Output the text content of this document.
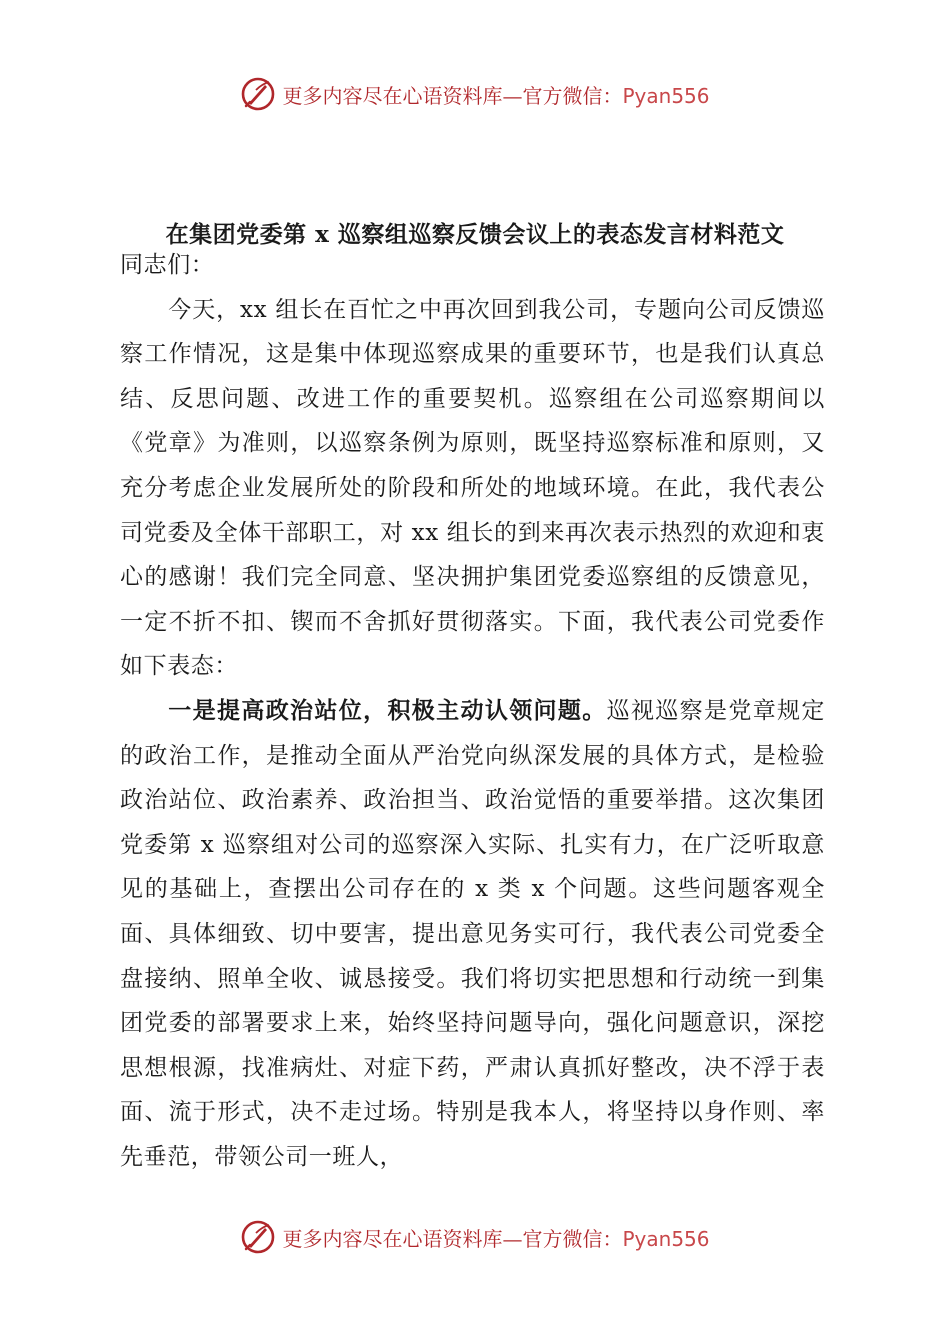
更多内容尽在心语资料库—官方微信：Pyan556
在集团党委第 x 巡察组巡察反馈会议上的表态发言材料范文

同志们：

今天，xx 组长在百忙之中再次回到我公司，专题向公司反馈巡察工作情况，这是集中体现巡察成果的重要环节，也是我们认真总结、反思问题、改进工作的重要契机。巡察组在公司巡察期间以《党章》为准则，以巡察条例为原则，既坚持巡察标准和原则，又充分考虑企业发展所处的阶段和所处的地域环境。在此，我代表公司党委及全体干部职工，对 xx 组长的到来再次表示热烈的欢迎和衷心的感谢！我们完全同意、坚决拥护集团党委巡察组的反馈意见，一定不折不扣、锲而不舍抓好贯彻落实。下面，我代表公司党委作如下表态：

一是提高政治站位，积极主动认领问题。巡视巡察是党章规定的政治工作，是推动全面从严治党向纵深发展的具体方式，是检验政治站位、政治素养、政治担当、政治觉悟的重要举措。这次集团党委第 x 巡察组对公司的巡察深入实际、扎实有力，在广泛听取意见的基础上，查摆出公司存在的 x 类 x 个问题。这些问题客观全面、具体细致、切中要害，提出意见务实可行，我代表公司党委全盘接纳、照单全收、诚恳接受。我们将切实把思想和行动统一到集团党委的部署要求上来，始终坚持问题导向，强化问题意识，深挖思想根源，找准病灶、对症下药，严肃认真抓好整改，决不浮于表面、流于形式，决不走过场。特别是我本人，将坚持以身作则、率先垂范，带领公司一班人，

更多内容尽在心语资料库—官方微信：Pyan556
